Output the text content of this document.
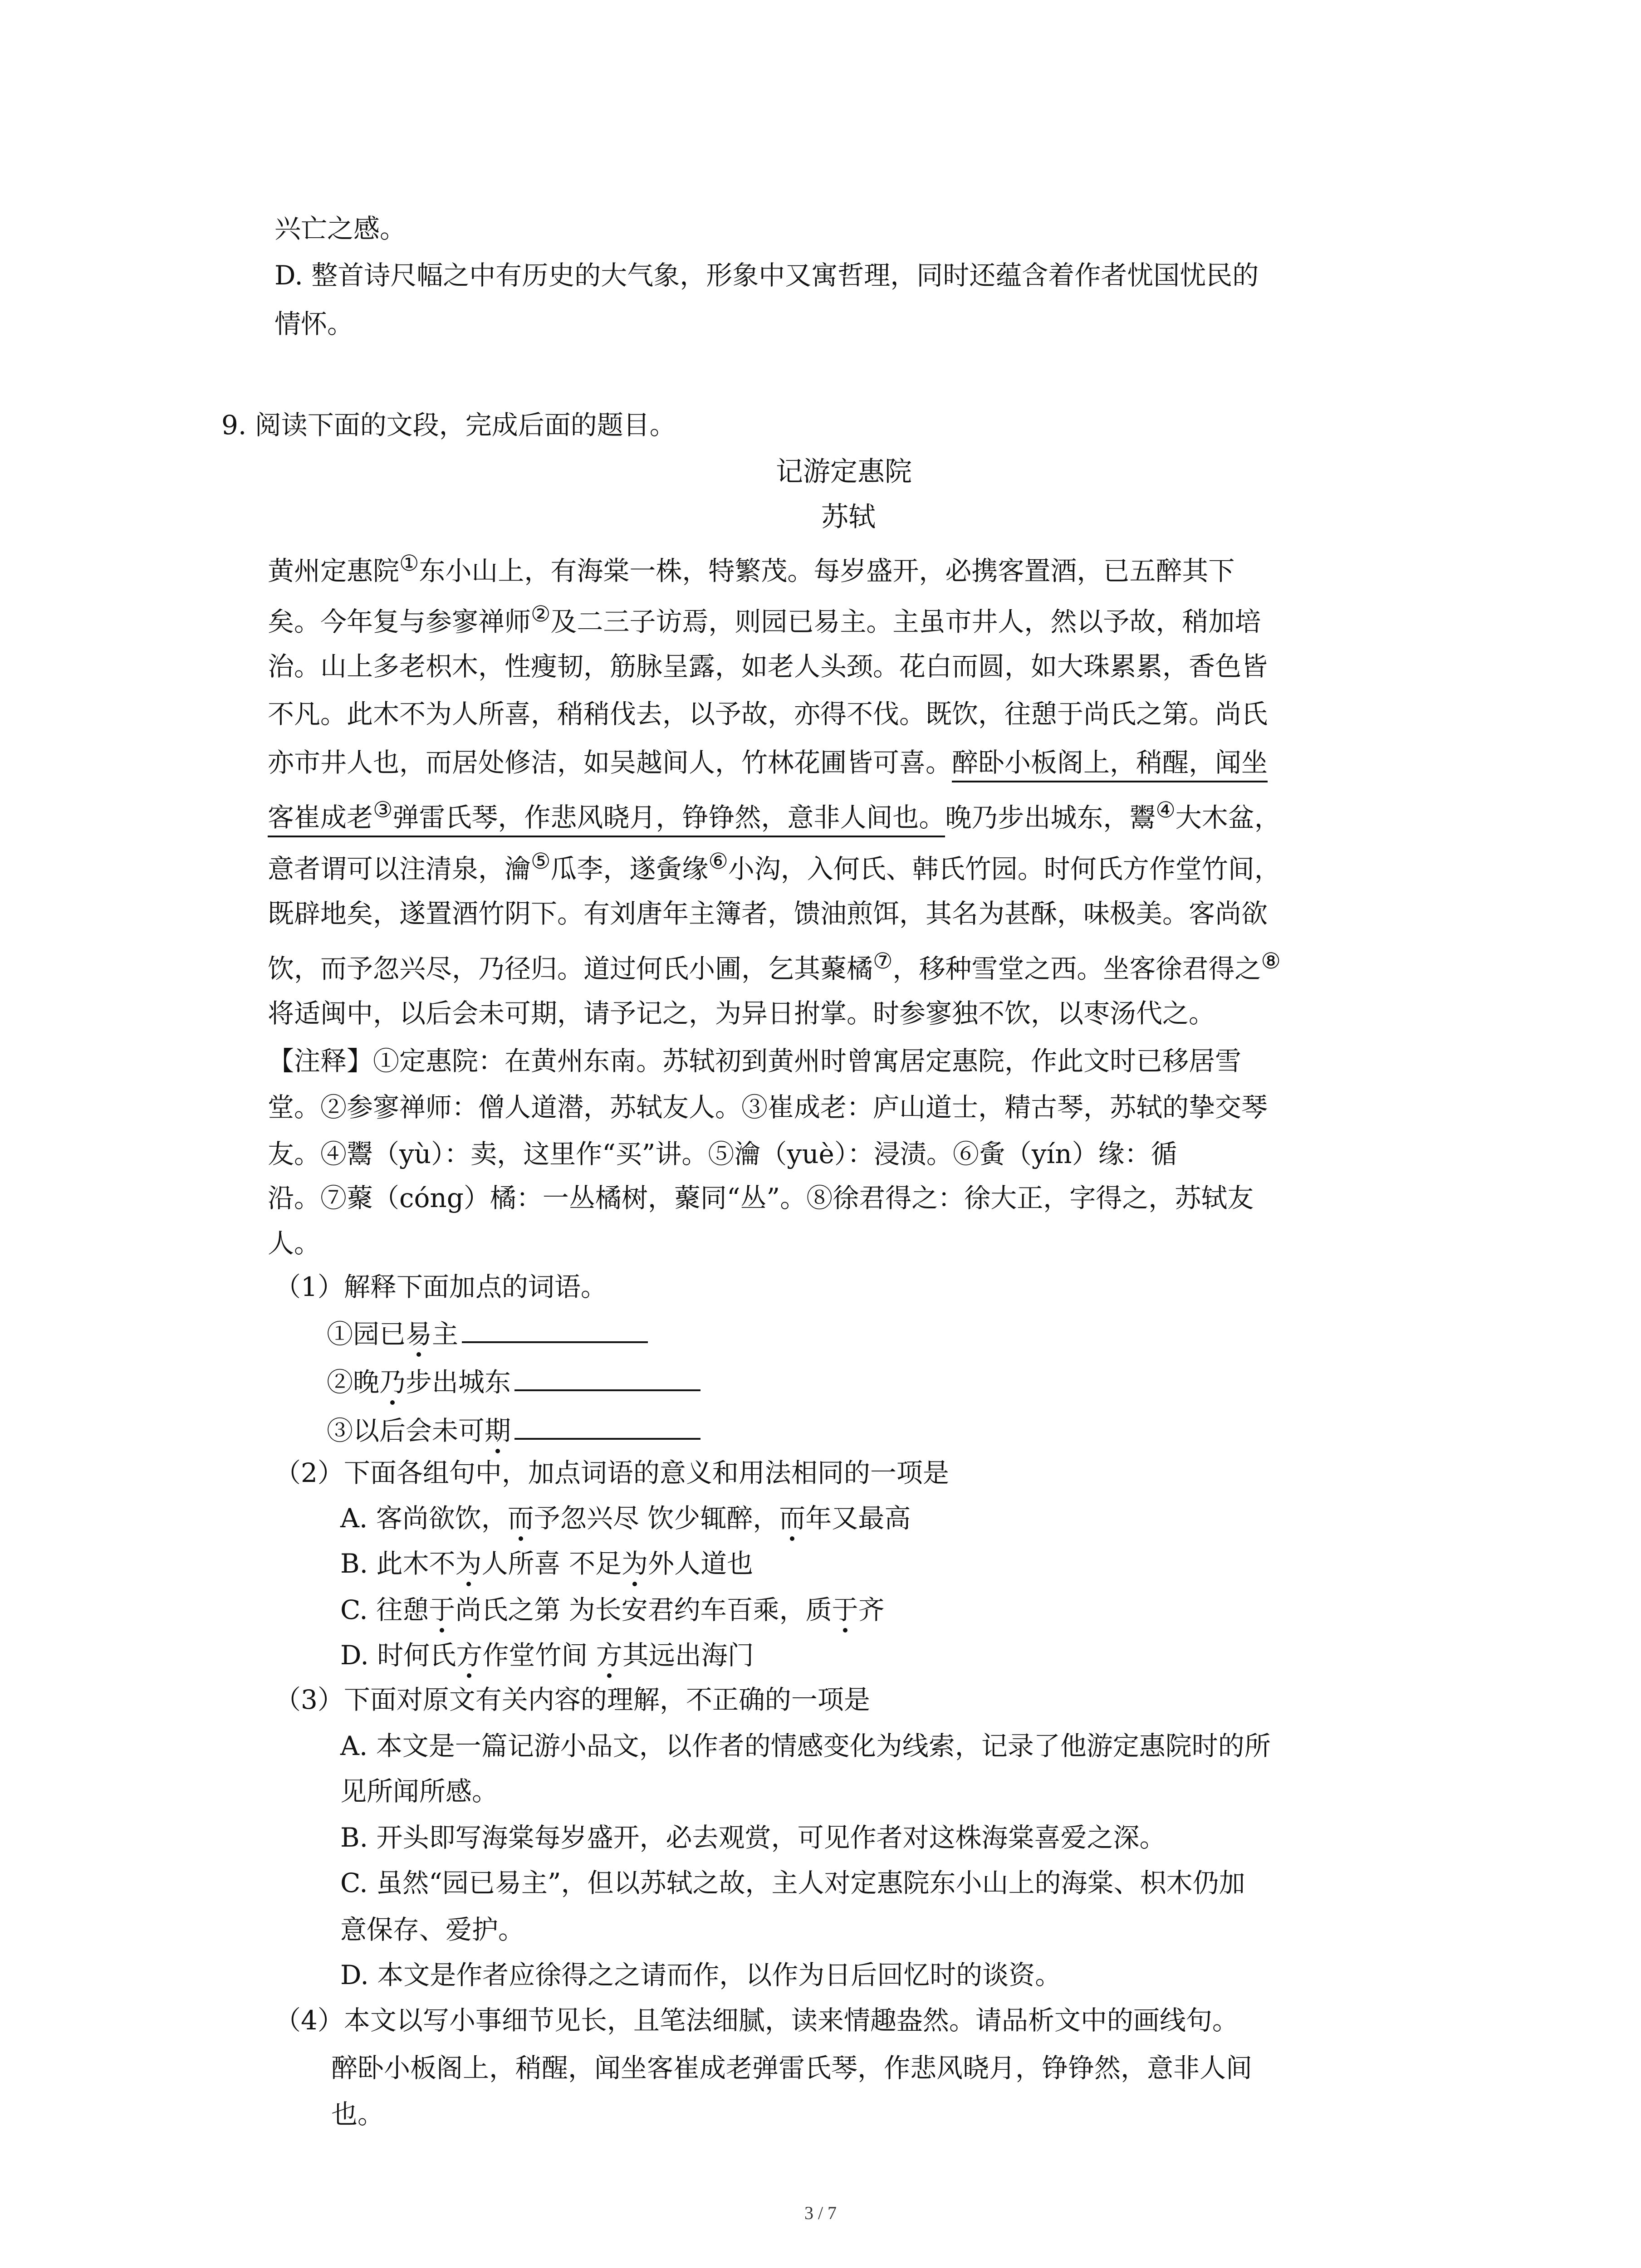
兴亡之感。
D. 整首诗尺幅之中有历史的大气象，形象中又寓哲理，同时还蕴含着作者忧国忧民的
情怀。
9. 阅读下面的文段，完成后面的题目。
记游定惠院
苏轼
黄州定惠院①东小山上，有海棠一株，特繁茂。每岁盛开，必携客置酒，已五醉其下
矣。今年复与参寥禅师②及二三子访焉，则园已易主。主虽市井人，然以予故，稍加培
治。山上多老枳木，性瘦韧，筋脉呈露，如老人头颈。花白而圆，如大珠累累，香色皆
不凡。此木不为人所喜，稍稍伐去，以予故，亦得不伐。既饮，往憩于尚氏之第。尚氏
亦市井人也，而居处修洁，如吴越间人，竹林花圃皆可喜。醉卧小板阁上，稍醒，闻坐
客崔成老③弹雷氏琴，作悲风晓月，铮铮然，意非人间也。晚乃步出城东，鬻④大木盆，
意者谓可以注清泉，瀹⑤瓜李，遂夤缘⑥小沟，入何氏、韩氏竹园。时何氏方作堂竹间，
既辟地矣，遂置酒竹阴下。有刘唐年主簿者，馈油煎饵，其名为甚酥，味极美。客尚欲
饮，而予忽兴尽，乃径归。道过何氏小圃，乞其藂橘⑦，移种雪堂之西。坐客徐君得之⑧
将适闽中，以后会未可期，请予记之，为异日拊掌。时参寥独不饮，以枣汤代之。
【注释】①定惠院：在黄州东南。苏轼初到黄州时曾寓居定惠院，作此文时已移居雪
堂。②参寥禅师：僧人道潜，苏轼友人。③崔成老：庐山道士，精古琴，苏轼的挚交琴
友。④鬻（yù）：卖，这里作“买”讲。⑤瀹（yuè）：浸渍。⑥夤（yín）缘：循
沿。⑦藂（cóng）橘：一丛橘树，藂同“丛”。⑧徐君得之：徐大正，字得之，苏轼友
人。
（1）解释下面加点的词语。
①园已易主
②晚乃步出城东
③以后会未可期
（2）下面各组句中，加点词语的意义和用法相同的一项是
A. 客尚欲饮，而予忽兴尽 饮少辄醉，而年又最高
B. 此木不为人所喜 不足为外人道也
C. 往憩于尚氏之第 为长安君约车百乘，质于齐
D. 时何氏方作堂竹间 方其远出海门
（3）下面对原文有关内容的理解，不正确的一项是
A. 本文是一篇记游小品文，以作者的情感变化为线索，记录了他游定惠院时的所
见所闻所感。
B. 开头即写海棠每岁盛开，必去观赏，可见作者对这株海棠喜爱之深。
C. 虽然“园已易主”，但以苏轼之故，主人对定惠院东小山上的海棠、枳木仍加
意保存、爱护。
D. 本文是作者应徐得之之请而作，以作为日后回忆时的谈资。
（4）本文以写小事细节见长，且笔法细腻，读来情趣盎然。请品析文中的画线句。
醉卧小板阁上，稍醒，闻坐客崔成老弹雷氏琴，作悲风晓月，铮铮然，意非人间
也。
3 / 7
